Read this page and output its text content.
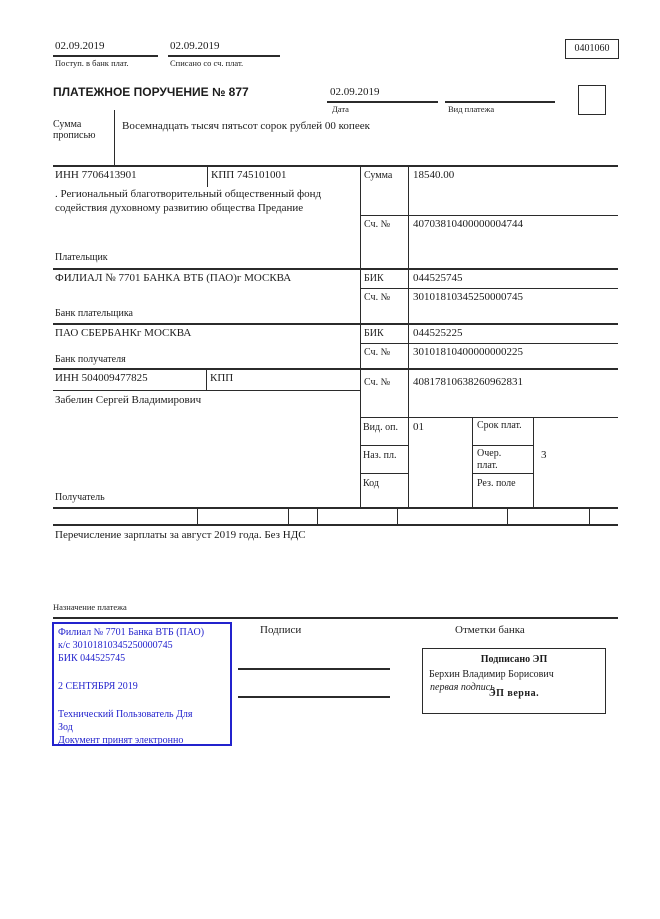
02.09.2019
Поступ. в банк плат.
02.09.2019
Списано со сч. плат.
0401060
ПЛАТЕЖНОЕ ПОРУЧЕНИЕ № 877	02.09.2019
Дата	Вид платежа
Сумма прописью
Восемнадцать тысяч пятьсот сорок рублей 00 копеек
ИНН 7706413901	КПП 745101001	Сумма 18540.00
. Региональный благотворительный общественный фонд содействия духовному развитию общества Предание
Сч. № 40703810400000004744
Плательщик
ФИЛИАЛ № 7701 БАНКА ВТБ (ПАО)г МОСКВА	БИК	044525745
Сч. № 30101810345250000745
Банк плательщика
ПАО СБЕРБАНКг МОСКВА	БИК	044525225
Сч. № 30101810400000000225
Банк получателя
ИНН 504009477825	КПП	Сч. № 40817810638260962831
Забелин Сергей Владимирович
Получатель
Вид. оп. 01	Срок плат.
Наз. пл.	Очер. плат.
3
Код	Рез. поле
Перечисление зарплаты за август 2019 года. Без НДС
Назначение платежа
Филиал № 7701 Банка ВТБ (ПАО)
к/с 30101810345250000745
БИК 044525745
2 СЕНТЯБРЯ 2019
Технический Пользователь Для
Зод
Документ принят электронно
Подписи	Отметки банка
Подписано ЭП
Берхин Владимир Борисович
первая подпись
ЭП верна.
